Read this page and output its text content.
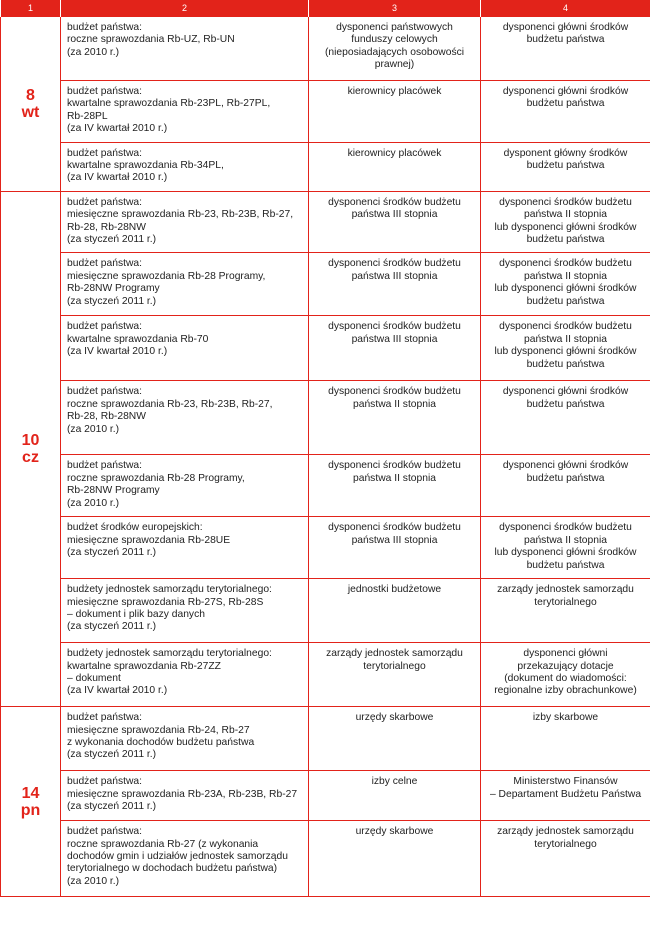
1	2	3	4

8
wt	budżet państwa:
roczne sprawozdania Rb-UZ, Rb-UN
(za 2010 r.)	dysponenci państwowych
funduszy celowych
(nieposiadających osobowości
prawnej)	dysponenci główni środków
budżetu państwa

	budżet państwa:
kwartalne sprawozdania Rb-23PL, Rb-27PL,
Rb-28PL
(za IV kwartał 2010 r.)	kierownicy placówek	dysponenci główni środków
budżetu państwa

	budżet państwa:
kwartalne sprawozdania Rb-34PL,
(za IV kwartał 2010 r.)	kierownicy placówek	dysponent główny środków
budżetu państwa

10
cz	budżet państwa:
miesięczne sprawozdania Rb-23, Rb-23B, Rb-27,
Rb-28, Rb-28NW
(za styczeń 2011 r.)	dysponenci środków budżetu
państwa III stopnia	dysponenci środków budżetu
państwa II stopnia
lub dysponenci główni środków
budżetu państwa

	budżet państwa:
miesięczne sprawozdania Rb-28 Programy,
Rb-28NW Programy
(za styczeń 2011 r.)	dysponenci środków budżetu
państwa III stopnia	dysponenci środków budżetu
państwa II stopnia
lub dysponenci główni środków
budżetu państwa

	budżet państwa:
kwartalne sprawozdania Rb-70
(za IV kwartał 2010 r.)	dysponenci środków budżetu
państwa III stopnia	dysponenci środków budżetu
państwa II stopnia
lub dysponenci główni środków
budżetu państwa

	budżet państwa:
roczne sprawozdania Rb-23, Rb-23B, Rb-27,
Rb-28, Rb-28NW
(za 2010 r.)	dysponenci środków budżetu
państwa II stopnia	dysponenci główni środków
budżetu państwa

	budżet państwa:
roczne sprawozdania Rb-28 Programy,
Rb-28NW Programy
(za 2010 r.)	dysponenci środków budżetu
państwa II stopnia	dysponenci główni środków
budżetu państwa

	budżet środków europejskich:
miesięczne sprawozdania Rb-28UE
(za styczeń 2011 r.)	dysponenci środków budżetu
państwa III stopnia	dysponenci środków budżetu
państwa II stopnia
lub dysponenci główni środków
budżetu państwa

	budżety jednostek samorządu terytorialnego:
miesięczne sprawozdania Rb-27S, Rb-28S
– dokument i plik bazy danych
(za styczeń 2011 r.)	jednostki budżetowe	zarządy jednostek samorządu
terytorialnego

	budżety jednostek samorządu terytorialnego:
kwartalne sprawozdania Rb-27ZZ
– dokument
(za IV kwartał 2010 r.)	zarządy jednostek samorządu
terytorialnego	dysponenci główni
przekazujący dotacje
(dokument do wiadomości:
regionalne izby obrachunkowe)

14
pn	budżet państwa:
miesięczne sprawozdania Rb-24, Rb-27
z wykonania dochodów budżetu państwa
(za styczeń 2011 r.)	urzędy skarbowe	izby skarbowe

	budżet państwa:
miesięczne sprawozdania Rb-23A, Rb-23B, Rb-27
(za styczeń 2011 r.)	izby celne	Ministerstwo Finansów
– Departament Budżetu Państwa

	budżet państwa:
roczne sprawozdania Rb-27 (z wykonania
dochodów gmin i udziałów jednostek samorządu
terytorialnego w dochodach budżetu państwa)
(za 2010 r.)	urzędy skarbowe	zarządy jednostek samorządu
terytorialnego
